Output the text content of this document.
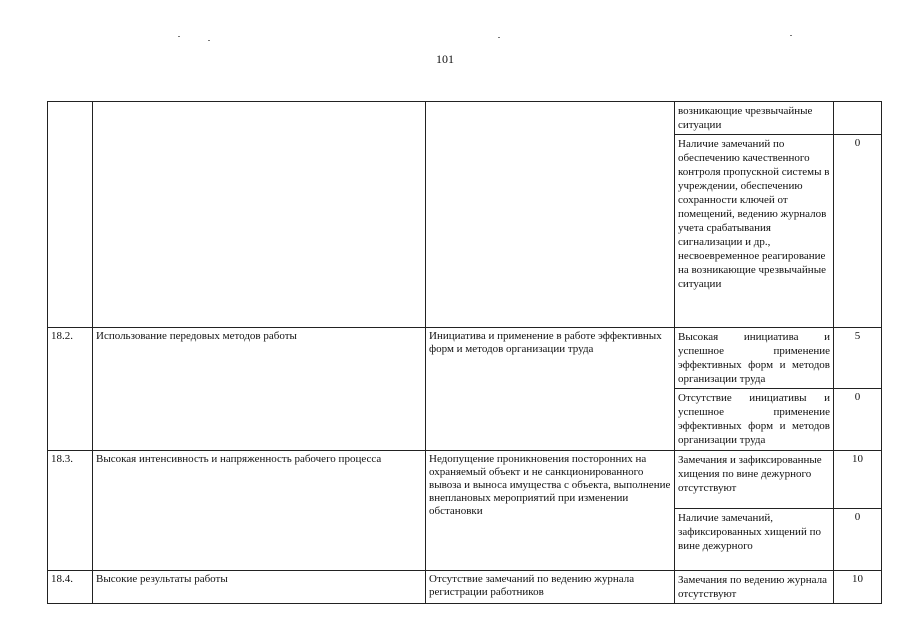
101
			возникающие чрезвычайные ситуации	
			Наличие замечаний по обеспечению качественного контроля пропускной системы в учреждении, обеспечению сохранности ключей от помещений, ведению журналов учета срабатывания сигнализации и др., несвоевременное реагирование на возникающие чрезвычайные ситуации	0
18.2.	Использование передовых методов работы	Инициатива и применение в работе эффективных форм и методов организации труда	Высокая инициатива и успешное применение эффективных форм и методов организации труда	5
			Отсутствие инициативы и успешное применение эффективных форм и методов организации труда	0
18.3.	Высокая интенсивность и напряженность рабочего процесса	Недопущение проникновения посторонних на охраняемый объект и не санкционированного вывоза и выноса имущества с объекта, выполнение внеплановых мероприятий при изменении обстановки	Замечания и зафиксированные хищения по вине дежурного отсутствуют	10
			Наличие замечаний, зафиксированных хищений по вине дежурного	0
18.4.	Высокие результаты работы	Отсутствие замечаний по ведению журнала регистрации работников	Замечания по ведению журнала отсутствуют	10
